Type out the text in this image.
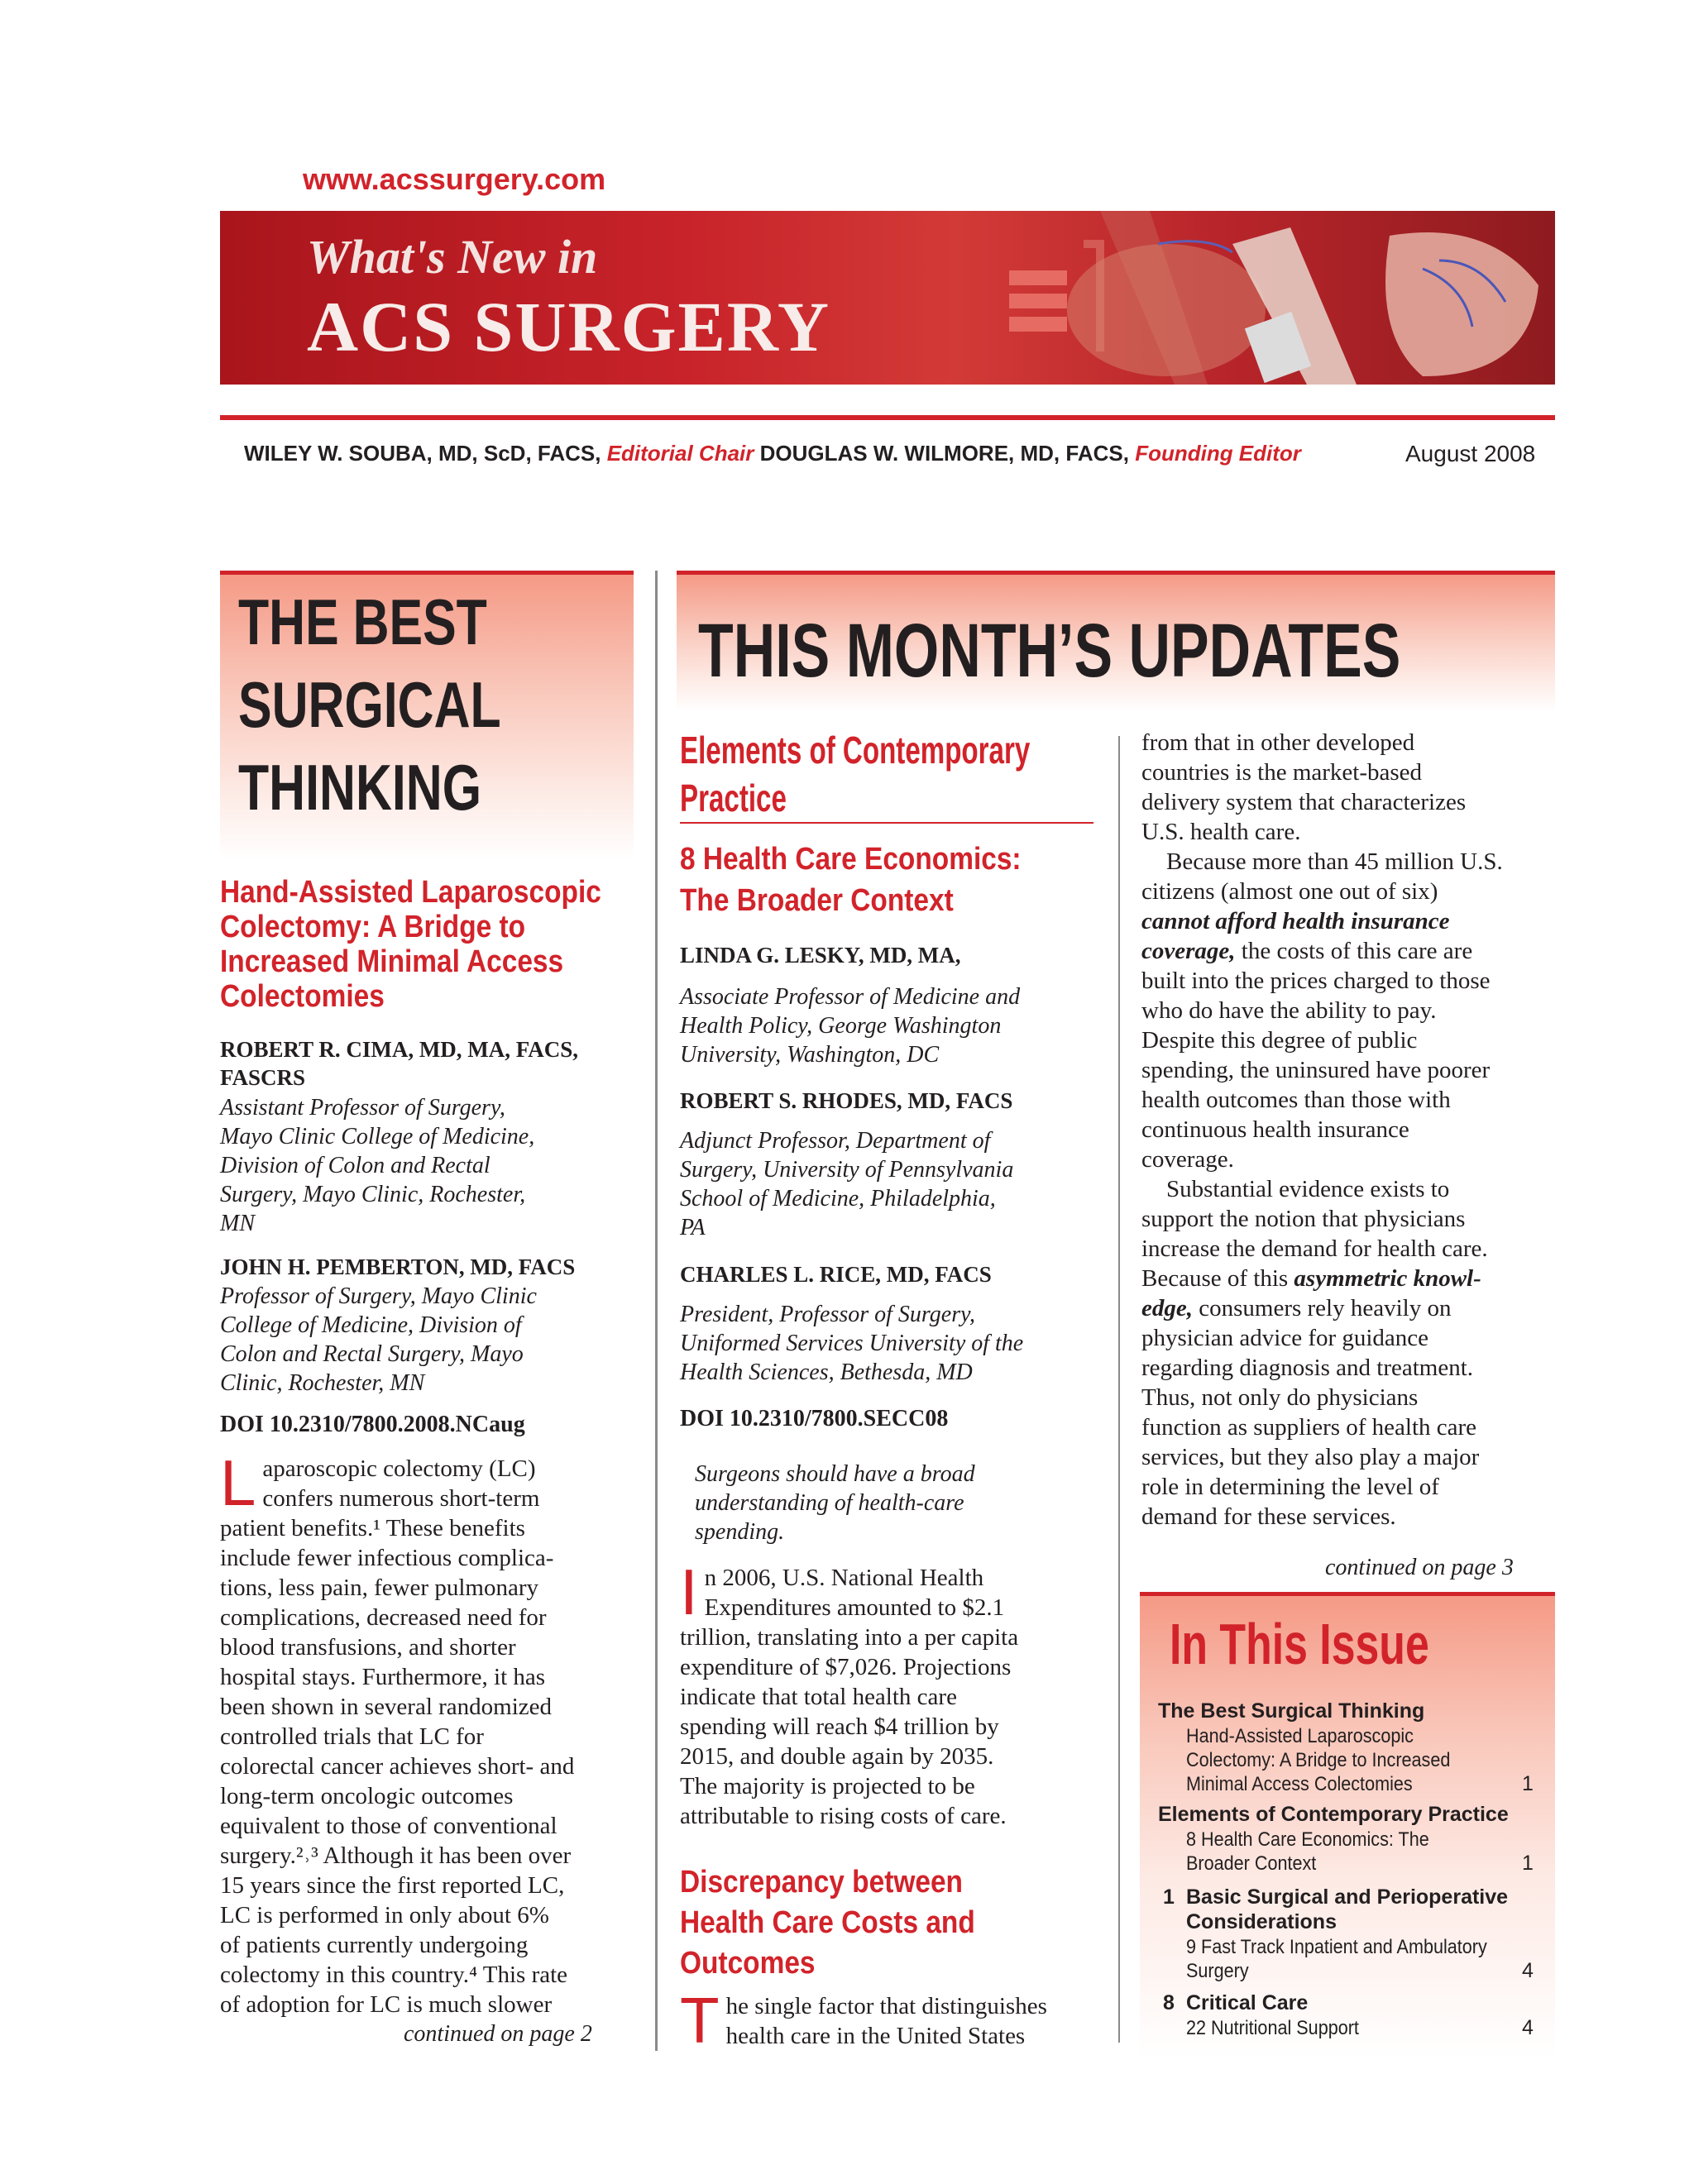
www.acssurgery.com
What's New in
ACS SURGERY
WILEY W. SOUBA, MD, ScD, FACS, Editorial Chair DOUGLAS W. WILMORE, MD, FACS, Founding Editor	August 2008
THE BEST
SURGICAL
THINKING
Hand-Assisted Laparoscopic
Colectomy: A Bridge to
Increased Minimal Access
Colectomies
ROBERT R. CIMA, MD, MA, FACS,
FASCRS
Assistant Professor of Surgery,
Mayo Clinic College of Medicine,
Division of Colon and Rectal
Surgery, Mayo Clinic, Rochester,
MN
JOHN H. PEMBERTON, MD, FACS
Professor of Surgery, Mayo Clinic
College of Medicine, Division of
Colon and Rectal Surgery, Mayo
Clinic, Rochester, MN
DOI 10.2310/7800.2008.NCaug
L aparoscopic colectomy (LC)
confers numerous short-term
patient benefits.¹ These benefits
include fewer infectious complica-
tions, less pain, fewer pulmonary
complications, decreased need for
blood transfusions, and shorter
hospital stays. Furthermore, it has
been shown in several randomized
controlled trials that LC for
colorectal cancer achieves short- and
long-term oncologic outcomes
equivalent to those of conventional
surgery.²˒³ Although it has been over
15 years since the first reported LC,
LC is performed in only about 6%
of patients currently undergoing
colectomy in this country.⁴ This rate
of adoption for LC is much slower
continued on page 2
THIS MONTH’S UPDATES
Elements of Contemporary
Practice
8 Health Care Economics:
The Broader Context
LINDA G. LESKY, MD, MA,
Associate Professor of Medicine and
Health Policy, George Washington
University, Washington, DC
ROBERT S. RHODES, MD, FACS
Adjunct Professor, Department of
Surgery, University of Pennsylvania
School of Medicine, Philadelphia,
PA
CHARLES L. RICE, MD, FACS
President, Professor of Surgery,
Uniformed Services University of the
Health Sciences, Bethesda, MD
DOI 10.2310/7800.SECC08
Surgeons should have a broad
understanding of health-care
spending.
I n 2006, U.S. National Health
Expenditures amounted to $2.1
trillion, translating into a per capita
expenditure of $7,026. Projections
indicate that total health care
spending will reach $4 trillion by
2015, and double again by 2035.
The majority is projected to be
attributable to rising costs of care.
Discrepancy between
Health Care Costs and
Outcomes
T he single factor that distinguishes
health care in the United States
from that in other developed
countries is the market-based
delivery system that characterizes
U.S. health care.
Because more than 45 million U.S.
citizens (almost one out of six)
cannot afford health insurance
coverage, the costs of this care are
built into the prices charged to those
who do have the ability to pay.
Despite this degree of public
spending, the uninsured have poorer
health outcomes than those with
continuous health insurance
coverage.
Substantial evidence exists to
support the notion that physicians
increase the demand for health care.
Because of this asymmetric knowl-
edge, consumers rely heavily on
physician advice for guidance
regarding diagnosis and treatment.
Thus, not only do physicians
function as suppliers of health care
services, but they also play a major
role in determining the level of
demand for these services.
continued on page 3
In This Issue
The Best Surgical Thinking
Hand-Assisted Laparoscopic
Colectomy: A Bridge to Increased
Minimal Access Colectomies	1
Elements of Contemporary Practice
8 Health Care Economics: The
Broader Context	1
1 Basic Surgical and Perioperative
Considerations
9 Fast Track Inpatient and Ambulatory
Surgery	4
8 Critical Care
22 Nutritional Support	4
